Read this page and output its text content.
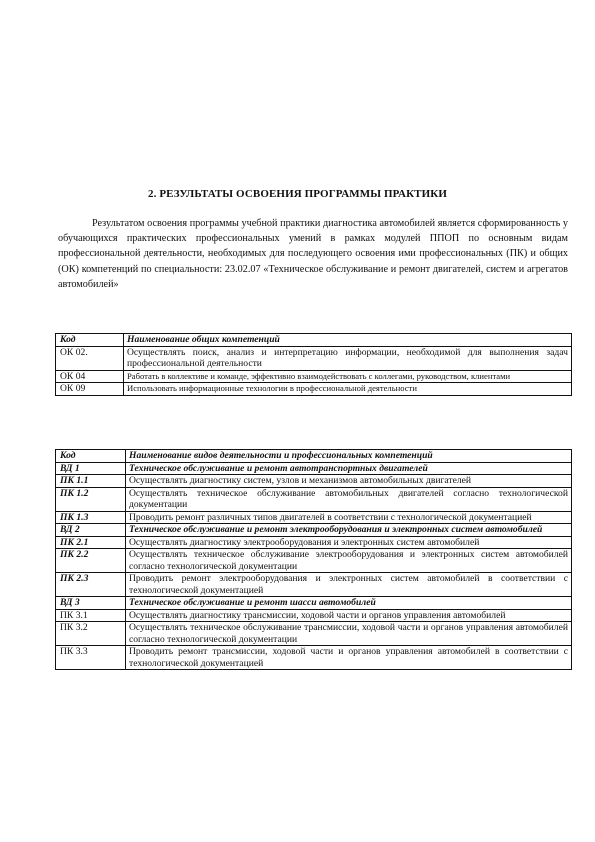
2. РЕЗУЛЬТАТЫ ОСВОЕНИЯ ПРОГРАММЫ ПРАКТИКИ
Результатом освоения программы учебной практики диагностика автомобилей является сформированность у обучающихся практических профессиональных умений в рамках модулей ППОП по основным видам профессиональной деятельности, необходимых для последующего освоения ими профессиональных (ПК) и общих (ОК) компетенций по специальности: 23.02.07 «Техническое обслуживание и ремонт двигателей, систем и агрегатов автомобилей»
Код	Наименование общих компетенций
ОК 02.	Осуществлять поиск, анализ и интерпретацию информации, необходимой для выполнения задач профессиональной деятельности
ОК 04	Работать в коллективе и команде, эффективно взаимодействовать с коллегами, руководством, клиентами
ОК 09	Использовать информационные технологии в профессиональной деятельности
Код	Наименование видов деятельности и профессиональных компетенций
ВД 1	Техническое обслуживание и ремонт автотранспортных двигателей
ПК 1.1	Осуществлять диагностику систем, узлов и механизмов автомобильных двигателей
ПК 1.2	Осуществлять техническое обслуживание автомобильных двигателей согласно технологической документации
ПК 1.3	Проводить ремонт различных типов двигателей в соответствии с технологической документацией
ВД 2	Техническое обслуживание и ремонт электрооборудования и электронных систем автомобилей
ПК 2.1	Осуществлять диагностику электрооборудования и электронных систем автомобилей
ПК 2.2	Осуществлять техническое обслуживание электрооборудования и электронных систем автомобилей согласно технологической документации
ПК 2.3	Проводить ремонт электрооборудования и электронных систем автомобилей в соответствии с технологической документацией
ВД 3	Техническое обслуживание и ремонт шасси автомобилей
ПК 3.1	Осуществлять диагностику трансмиссии, ходовой части и органов управления автомобилей
ПК 3.2	Осуществлять техническое обслуживание трансмиссии, ходовой части и органов управления автомобилей согласно технологической документации
ПК 3.3	Проводить ремонт трансмиссии, ходовой части и органов управления автомобилей в соответствии с технологической документацией
